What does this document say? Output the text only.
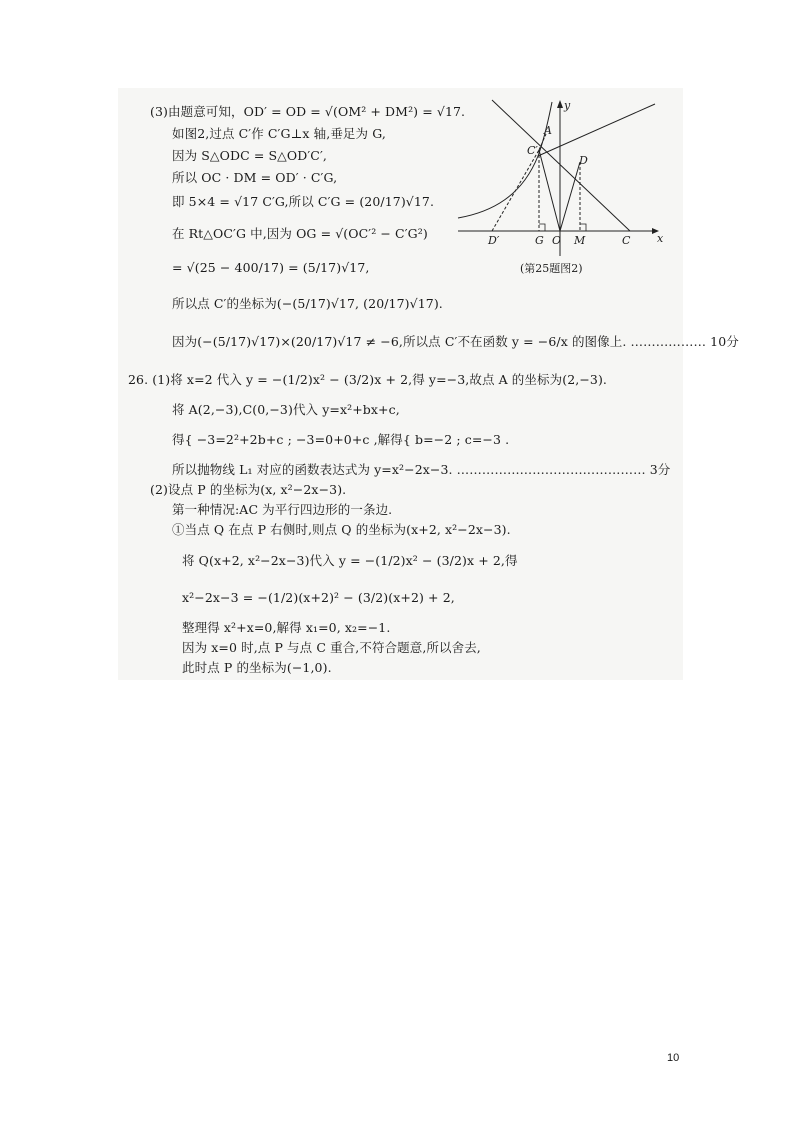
(3)由题意可知，OD′ = OD = √(OM² + DM²) = √17.
如图2,过点 C′作 C′G⊥x 轴,垂足为 G,
因为 S△ODC = S△OD′C′,
所以 OC · DM = OD′ · C′G,
即 5×4 = √17 C′G,所以 C′G = (20/17)√17.
在 Rt△OC′G 中,因为 OG = √(OC′² − C′G²)
= √(25 − 400/17) = (5/17)√17,
所以点 C′的坐标为(−(5/17)√17, (20/17)√17).
因为(−(5/17)√17)×(20/17)√17 ≠ −6,所以点 C′不在函数 y = −6/x 的图像上. ……………… 10分
y
x
A
C′
D
D′	G O M	C
(第25题图2)
26. (1)将 x=2 代入 y = −(1/2)x² − (3/2)x + 2,得 y=−3,故点 A 的坐标为(2,−3).
将 A(2,−3),C(0,−3)代入 y=x²+bx+c,
得{ −3=2²+2b+c ; −3=0+0+c ,解得{ b=−2 ; c=−3 .
所以抛物线 L₁ 对应的函数表达式为 y=x²−2x−3. ……………………………………… 3分
(2)设点 P 的坐标为(x, x²−2x−3).
第一种情况:AC 为平行四边形的一条边.
①当点 Q 在点 P 右侧时,则点 Q 的坐标为(x+2, x²−2x−3).
将 Q(x+2, x²−2x−3)代入 y = −(1/2)x² − (3/2)x + 2,得
x²−2x−3 = −(1/2)(x+2)² − (3/2)(x+2) + 2,
整理得 x²+x=0,解得 x₁=0, x₂=−1.
因为 x=0 时,点 P 与点 C 重合,不符合题意,所以舍去,
此时点 P 的坐标为(−1,0).
10
